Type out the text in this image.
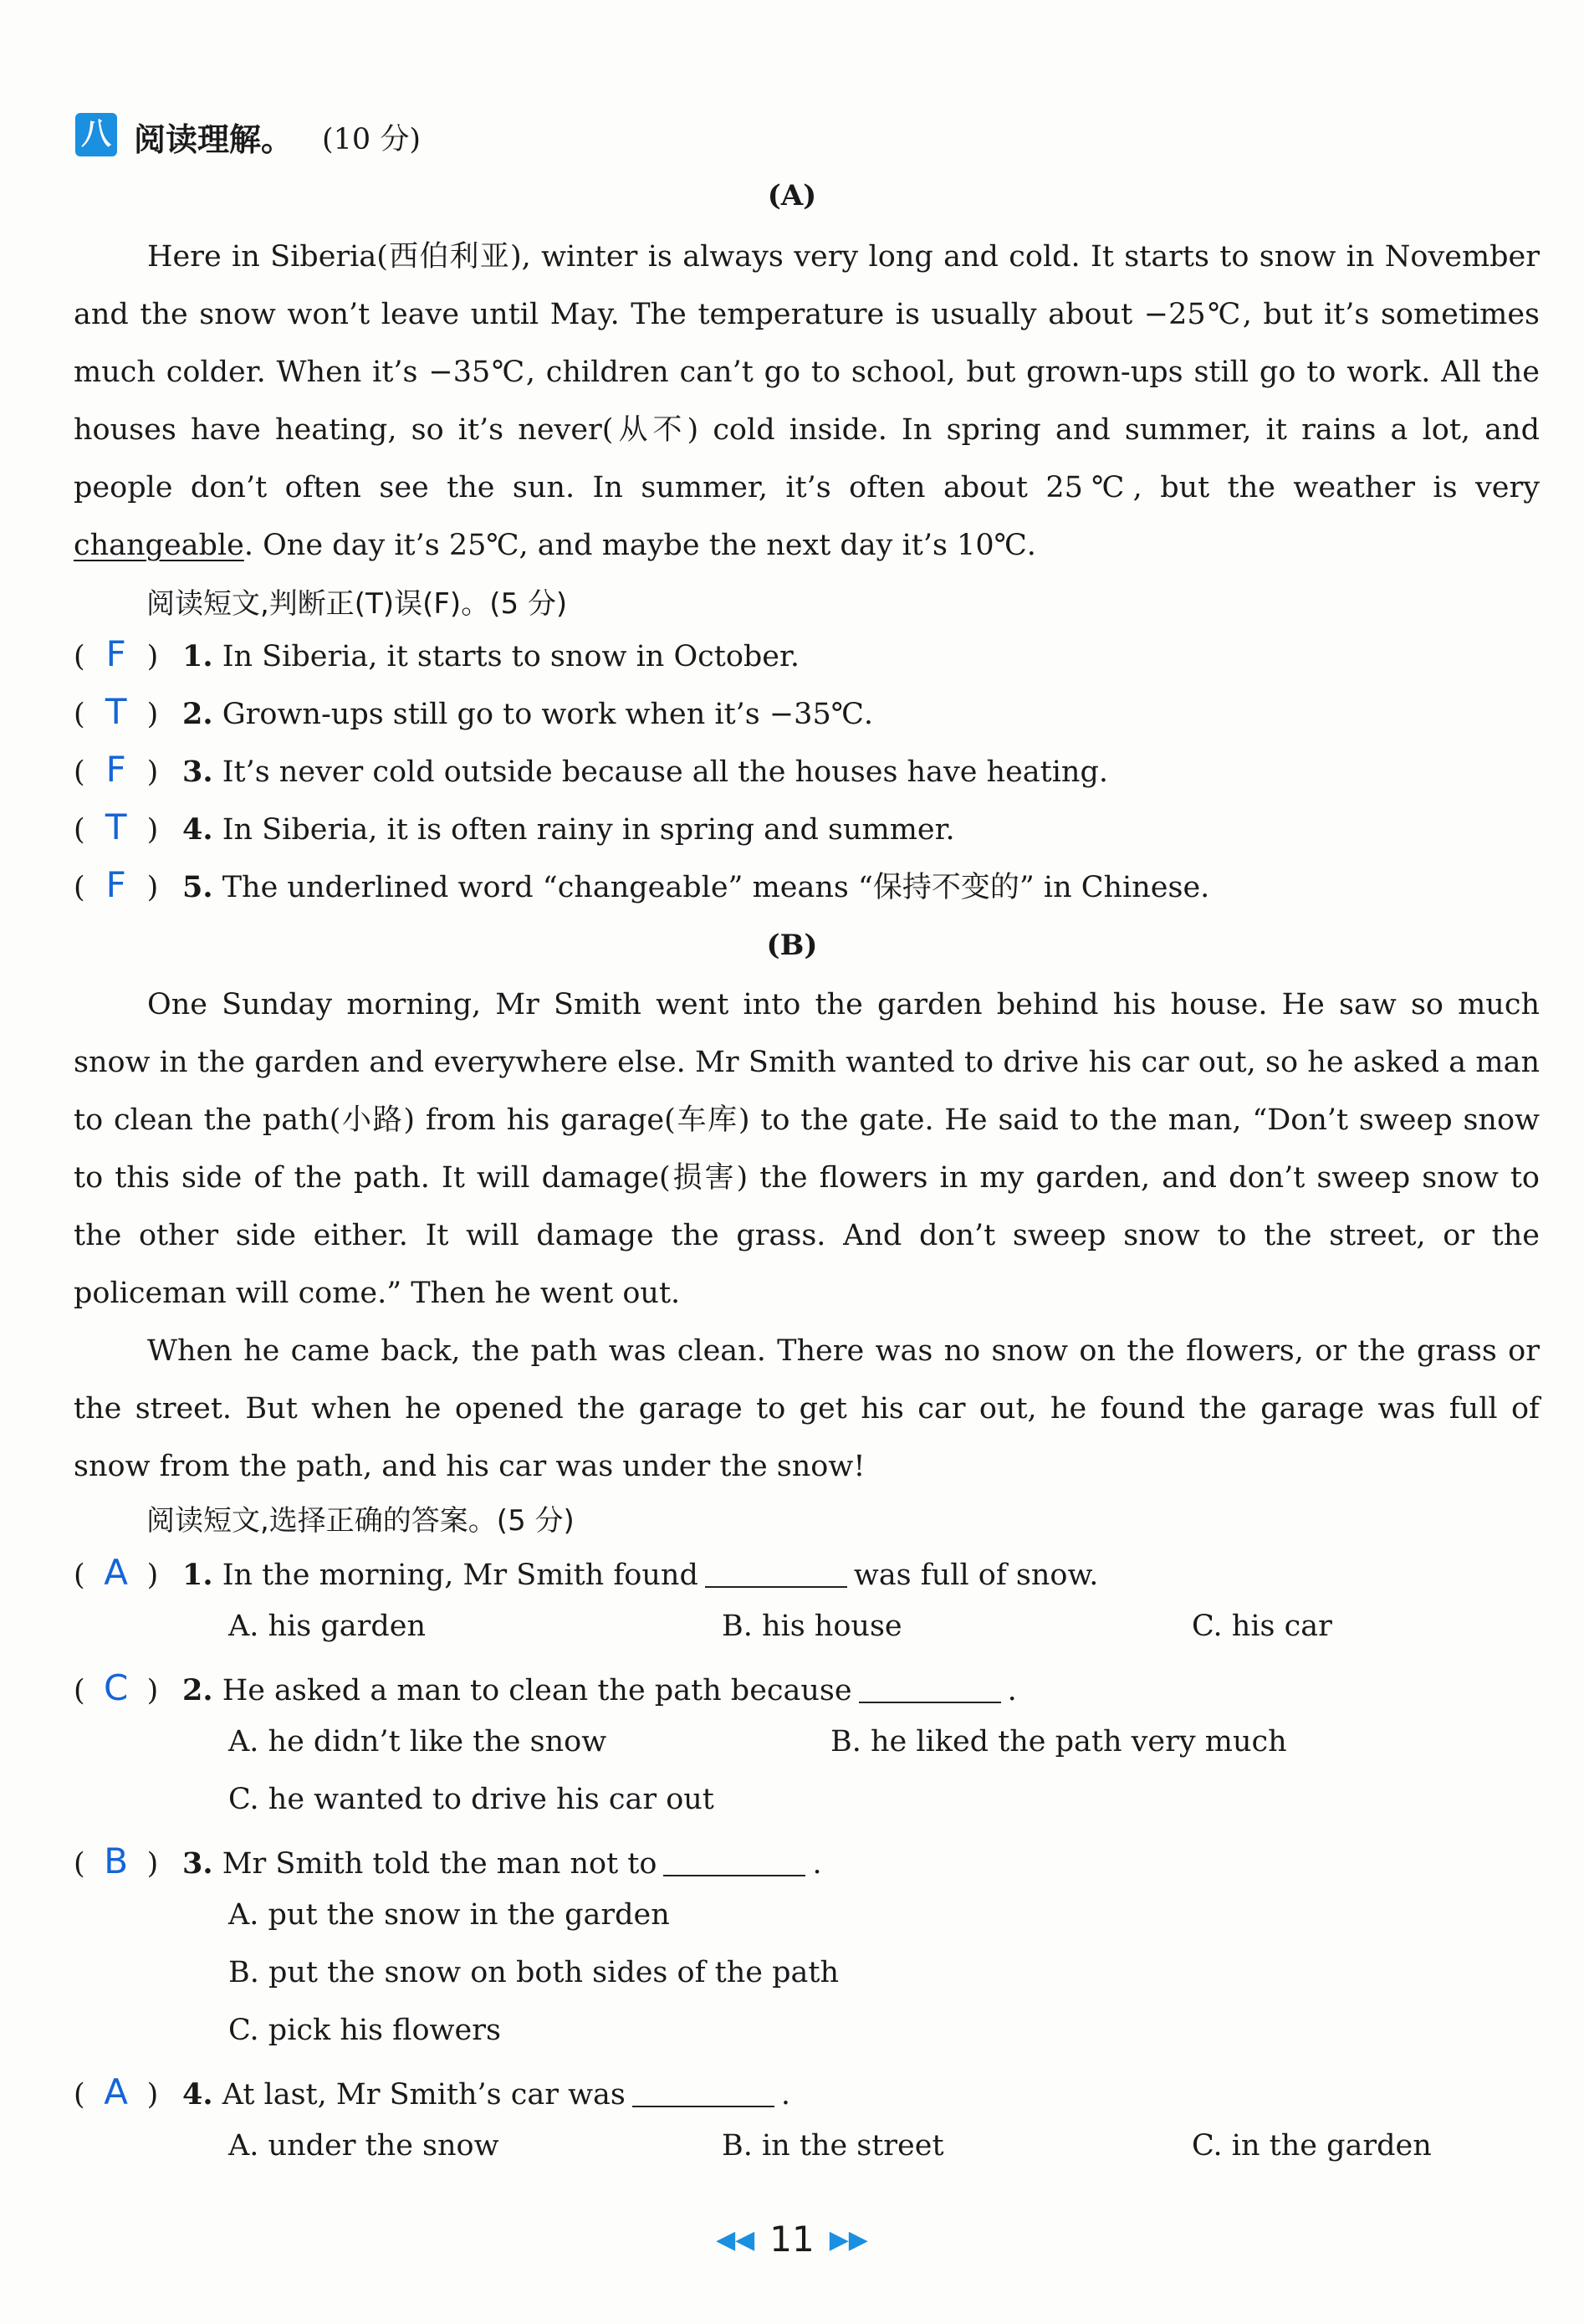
八 阅读理解。 (10 分)
(A)

Here in Siberia(西伯利亚), winter is always very long and cold. It starts to snow in November and the snow won’t leave until May. The temperature is usually about −25℃, but it’s sometimes much colder. When it’s −35℃, children can’t go to school, but grown-ups still go to work. All the houses have heating, so it’s never(从不) cold inside. In spring and summer, it rains a lot, and people don’t often see the sun. In summer, it’s often about 25℃, but the weather is very changeable. One day it’s 25℃, and maybe the next day it’s 10℃.

阅读短文,判断正(T)误(F)。(5 分)
( F ) 1. In Siberia, it starts to snow in October.
( T ) 2. Grown-ups still go to work when it’s −35℃.
( F ) 3. It’s never cold outside because all the houses have heating.
( T ) 4. In Siberia, it is often rainy in spring and summer.
( F ) 5. The underlined word “changeable” means “保持不变的” in Chinese.
(B)

One Sunday morning, Mr Smith went into the garden behind his house. He saw so much snow in the garden and everywhere else. Mr Smith wanted to drive his car out, so he asked a man to clean the path(小路) from his garage(车库) to the gate. He said to the man, “Don’t sweep snow to this side of the path. It will damage(损害) the flowers in my garden, and don’t sweep snow to the other side either. It will damage the grass. And don’t sweep snow to the street, or the policeman will come.” Then he went out.

When he came back, the path was clean. There was no snow on the flowers, or the grass or the street. But when he opened the garage to get his car out, he found the garage was full of snow from the path, and his car was under the snow!

阅读短文,选择正确的答案。(5 分)
( A ) 1. In the morning, Mr Smith found	was full of snow.
A. his garden	B. his house	C. his car
( C ) 2. He asked a man to clean the path because	.
A. he didn’t like the snow	B. he liked the path very much
C. he wanted to drive his car out
( B ) 3. Mr Smith told the man not to	.
A. put the snow in the garden
B. put the snow on both sides of the path
C. pick his flowers
( A ) 4. At last, Mr Smith’s car was	.
A. under the snow	B. in the street	C. in the garden
◀◀ 11 ▶▶
